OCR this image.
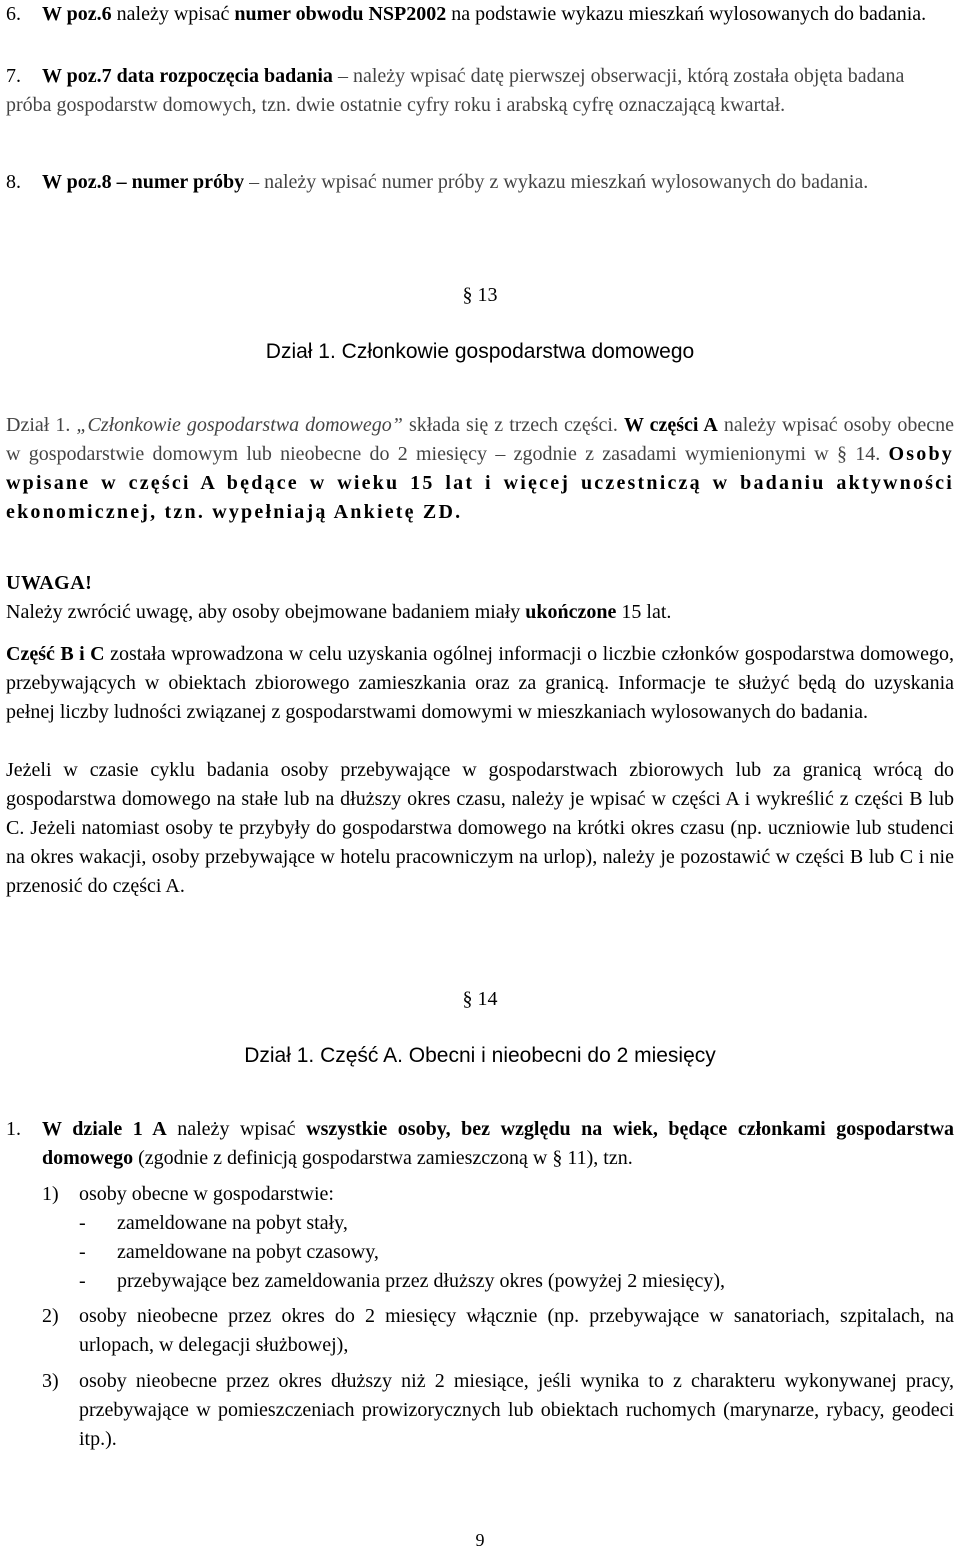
6. W poz.6 należy wpisać numer obwodu NSP2002 na podstawie wykazu mieszkań wylosowanych do badania.

7. W poz.7 data rozpoczęcia badania – należy wpisać datę pierwszej obserwacji, którą została objęta badana próba gospodarstw domowych, tzn. dwie ostatnie cyfry roku i arabską cyfrę oznaczającą kwartał.

8. W poz.8 – numer próby – należy wpisać numer próby z wykazu mieszkań wylosowanych do badania.

§ 13

Dział 1. Członkowie gospodarstwa domowego

Dział 1. „Członkowie gospodarstwa domowego” składa się z trzech części. W części A należy wpisać osoby obecne w gospodarstwie domowym lub nieobecne do 2 miesięcy – zgodnie z zasadami wymienionymi w § 14. Osoby wpisane w części A będące w wieku 15 lat i więcej uczestniczą w badaniu aktywności ekonomicznej, tzn. wypełniają Ankietę ZD.

UWAGA!
Należy zwrócić uwagę, aby osoby obejmowane badaniem miały ukończone 15 lat.

Część B i C została wprowadzona w celu uzyskania ogólnej informacji o liczbie członków gospodarstwa domowego, przebywających w obiektach zbiorowego zamieszkania oraz za granicą. Informacje te służyć będą do uzyskania pełnej liczby ludności związanej z gospodarstwami domowymi w mieszkaniach wylosowanych do badania.

Jeżeli w czasie cyklu badania osoby przebywające w gospodarstwach zbiorowych lub za granicą wrócą do gospodarstwa domowego na stałe lub na dłuższy okres czasu, należy je wpisać w części A i wykreślić z części B lub C. Jeżeli natomiast osoby te przybyły do gospodarstwa domowego na krótki okres czasu (np. uczniowie lub studenci na okres wakacji, osoby przebywające w hotelu pracowniczym na urlop), należy je pozostawić w części B lub C i nie przenosić do części A.

§ 14

Dział 1. Część A. Obecni i nieobecni do 2 miesięcy

1. W dziale 1 A należy wpisać wszystkie osoby, bez względu na wiek, będące członkami gospodarstwa domowego (zgodnie z definicją gospodarstwa zamieszczoną w § 11), tzn.

1) osoby obecne w gospodarstwie:

- zameldowane na pobyt stały,

- zameldowane na pobyt czasowy,

- przebywające bez zameldowania przez dłuższy okres (powyżej 2 miesięcy),

2) osoby nieobecne przez okres do 2 miesięcy włącznie (np. przebywające w sanatoriach, szpitalach, na urlopach, w delegacji służbowej),

3) osoby nieobecne przez okres dłuższy niż 2 miesiące, jeśli wynika to z charakteru wykonywanej pracy, przebywające w pomieszczeniach prowizorycznych lub obiektach ruchomych (marynarze, rybacy, geodeci itp.).

9
